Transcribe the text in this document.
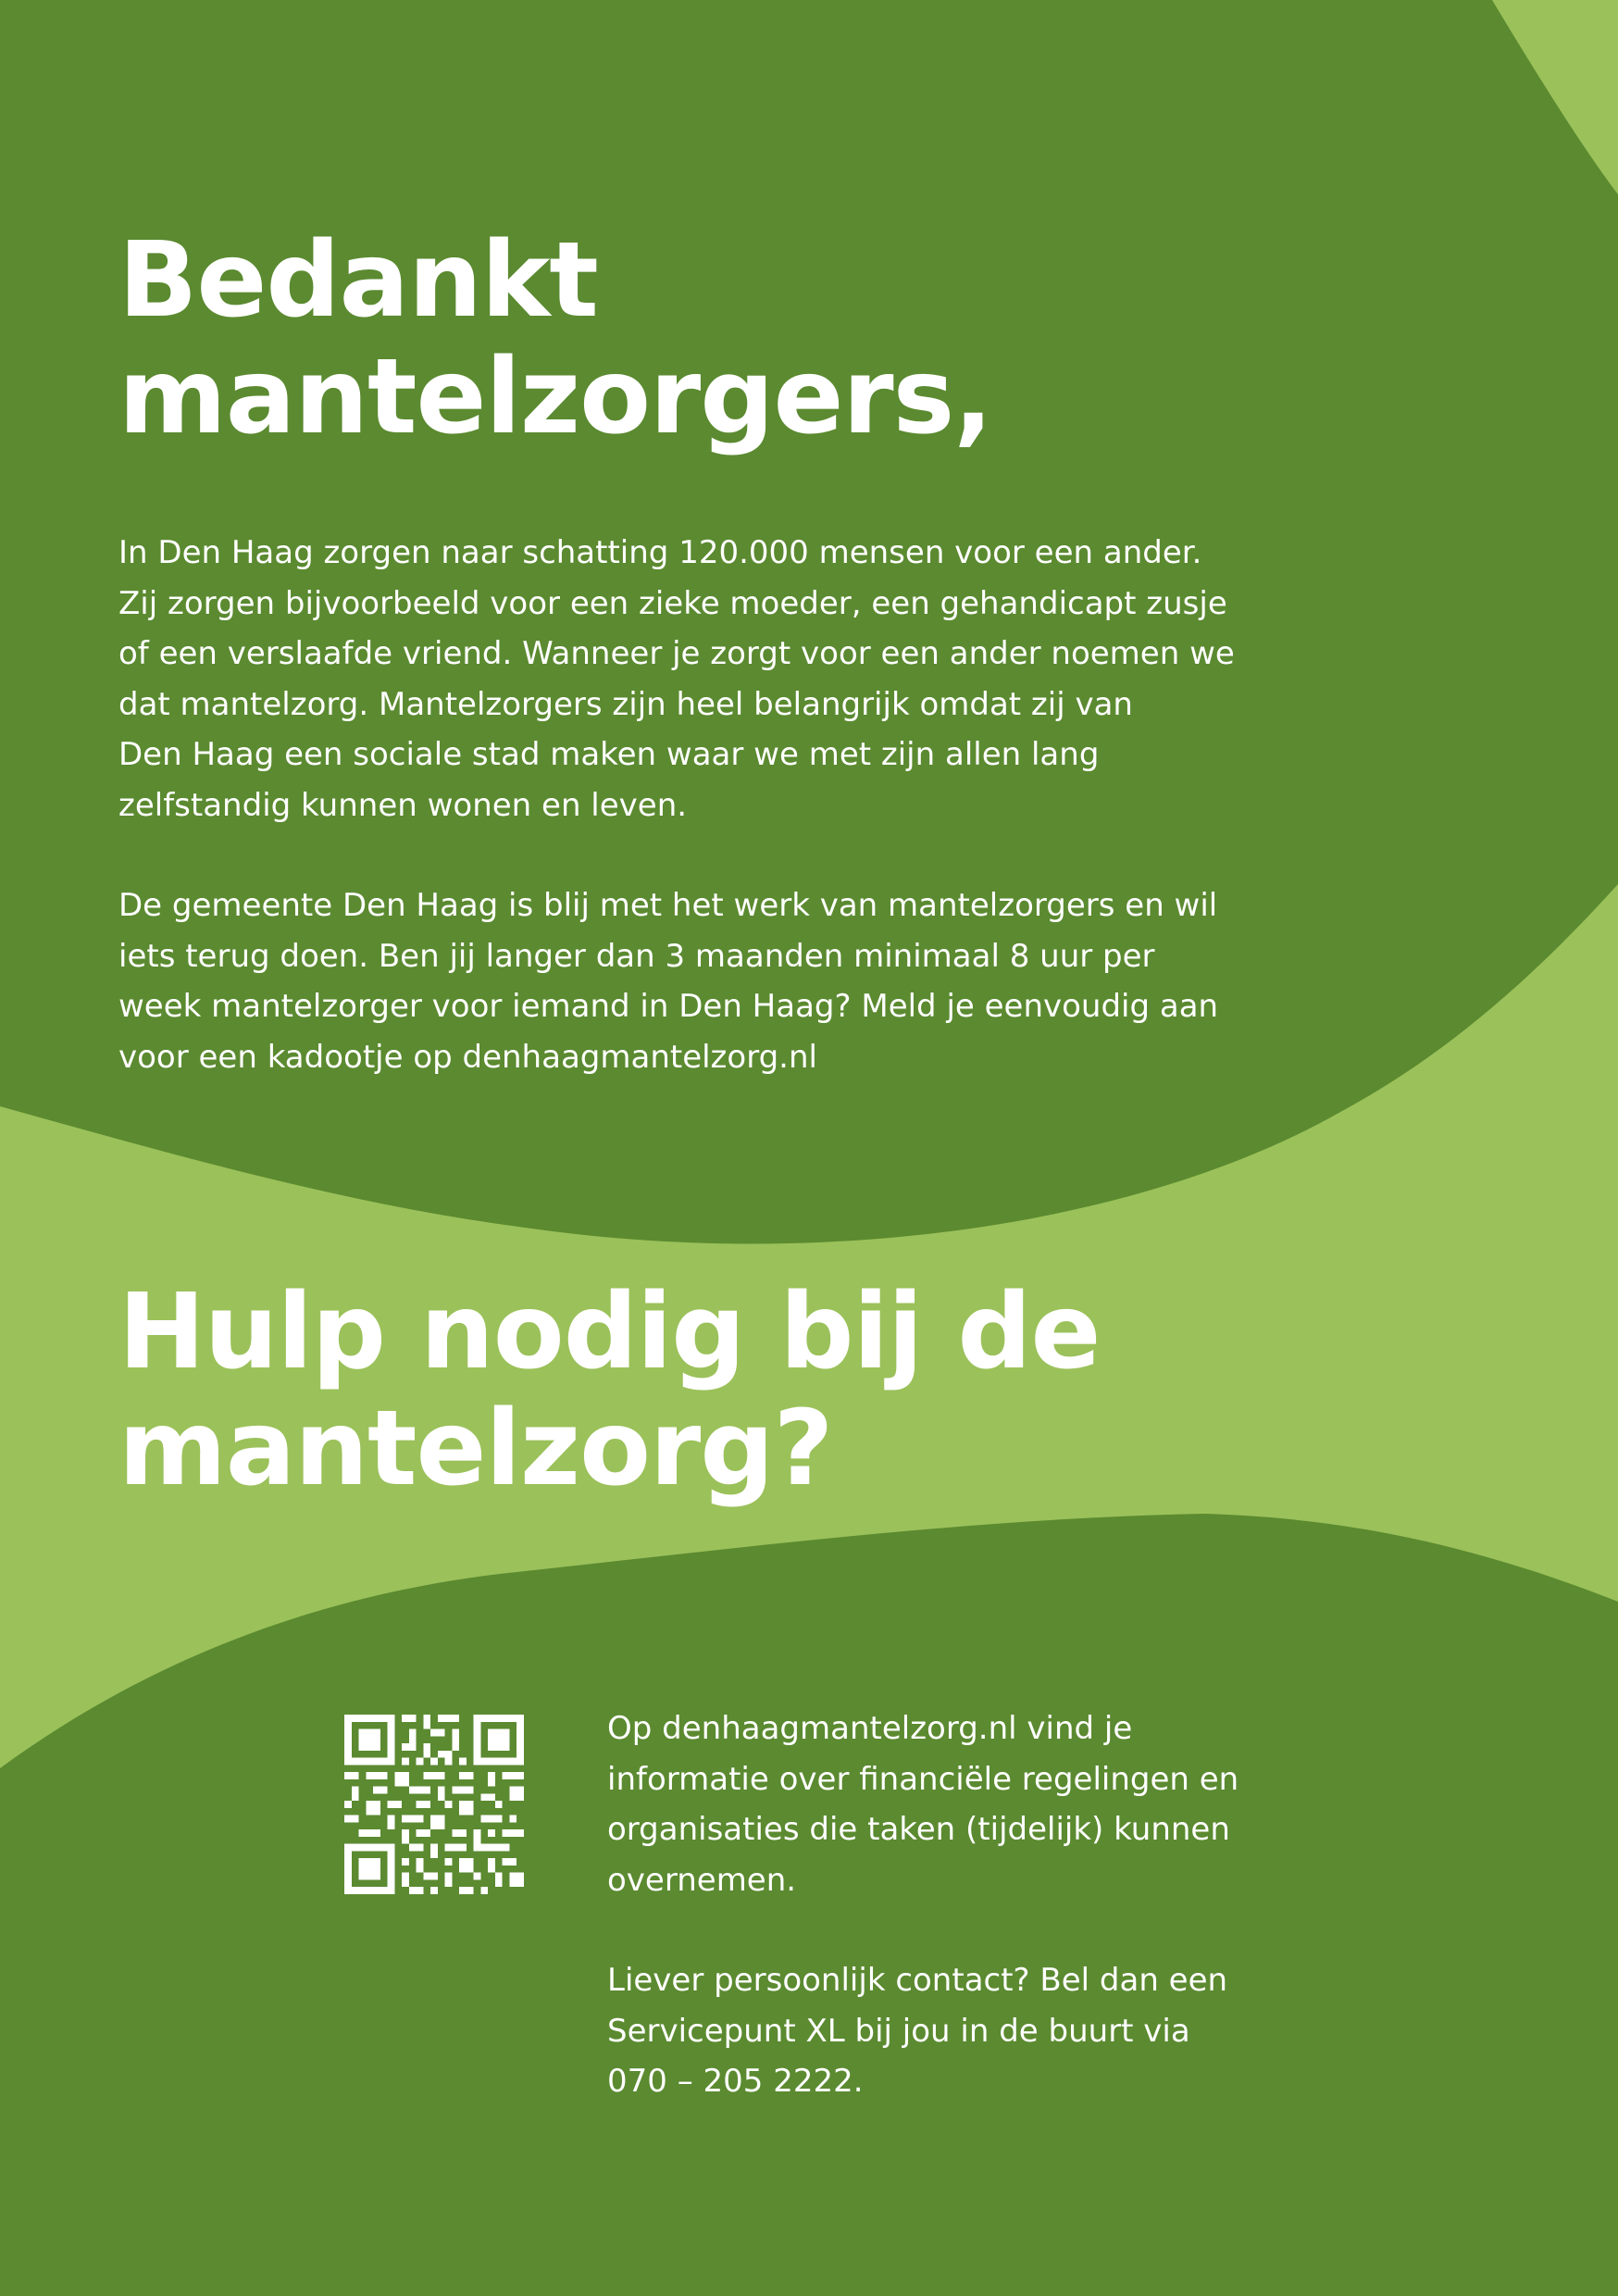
Bedankt
mantelzorgers,

In Den Haag zorgen naar schatting 120.000 mensen voor een ander.
Zij zorgen bijvoorbeeld voor een zieke moeder, een gehandicapt zusje
of een verslaafde vriend. Wanneer je zorgt voor een ander noemen we
dat mantelzorg. Mantelzorgers zijn heel belangrijk omdat zij van
Den Haag een sociale stad maken waar we met zijn allen lang
zelfstandig kunnen wonen en leven.

De gemeente Den Haag is blij met het werk van mantelzorgers en wil
iets terug doen. Ben jij langer dan 3 maanden minimaal 8 uur per
week mantelzorger voor iemand in Den Haag? Meld je eenvoudig aan
voor een kadootje op denhaagmantelzorg.nl

Hulp nodig bij de
mantelzorg?

Op denhaagmantelzorg.nl vind je
informatie over financiële regelingen en
organisaties die taken (tijdelijk) kunnen
overnemen.

Liever persoonlijk contact? Bel dan een
Servicepunt XL bij jou in de buurt via
070 – 205 2222.
